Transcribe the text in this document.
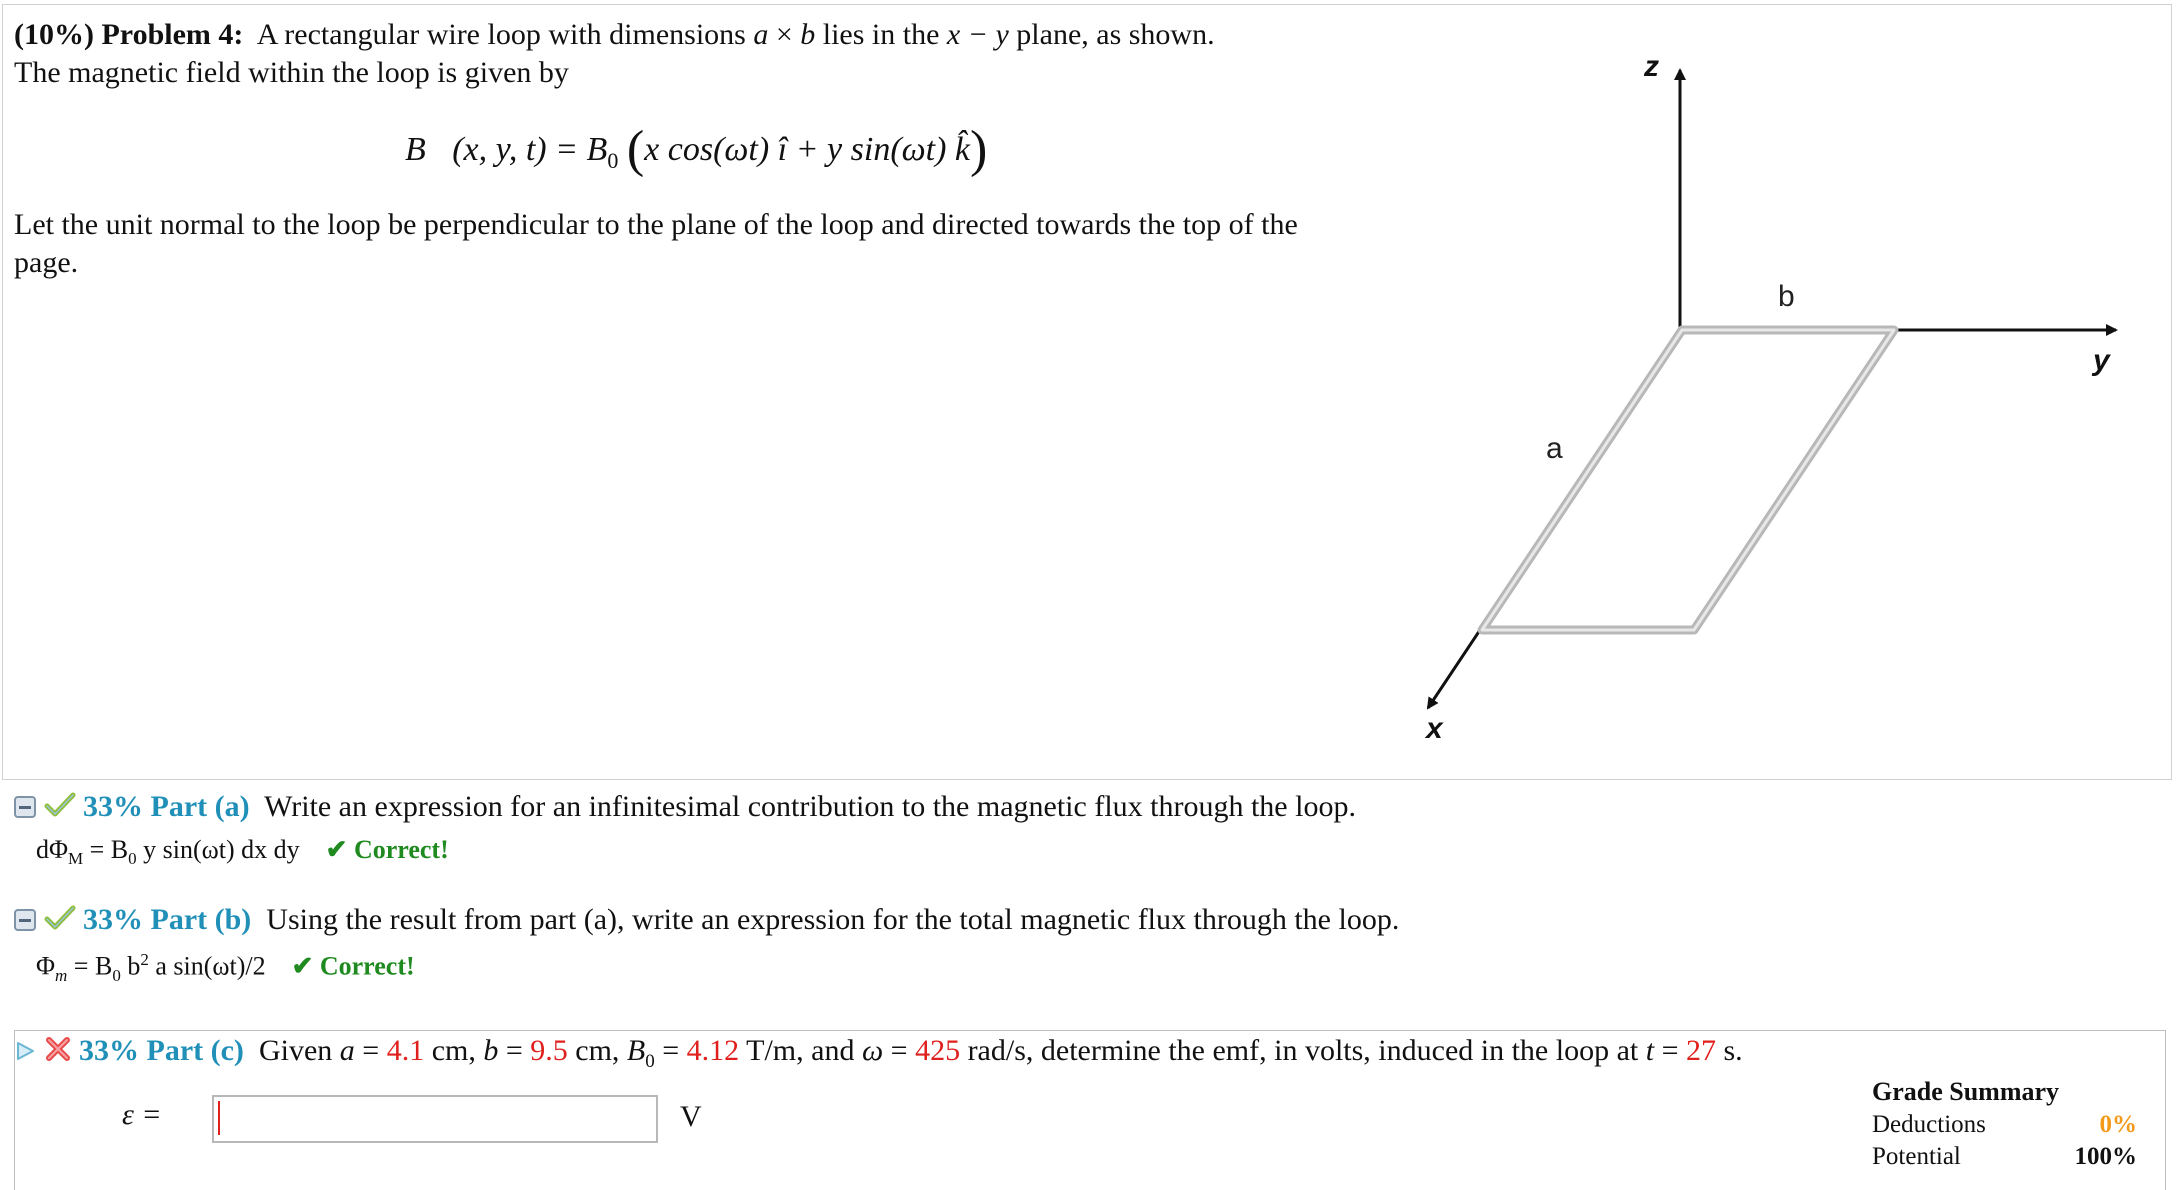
(10%) Problem 4: A rectangular wire loop with dimensions a × b lies in the x − y plane, as shown.
The magnetic field within the loop is given by
B⃗(x, y, $t) = B_0$ (x cos(ωt) î + y sin(ωt) k̂)
Let the unit normal to the loop be perpendicular to the plane of the loop and directed towards the top of the page.
z
y
x
a
b
33% Part (a) Write an expression for an infinitesimal contribution to the magnetic flux through the loop.
$d\Phi_M = B_0$ y sin(ωt) dx dy ✔ Correct!
33% Part (b) Using the result from part (a), write an expression for the total magnetic flux through the loop.
$\Phi_m = B_0$ $b^2$ a sin(ωt)/2 ✔ Correct!
33% Part (c) Given a = 4.1 cm, b = 9.5 cm, $B_0 = 4.12$ T/m, and ω = 425 rad/s, determine the emf, in volts, induced in the loop at t = 27 s.
ε =	V
Grade Summary
Deductions	0%
Potential	100%
